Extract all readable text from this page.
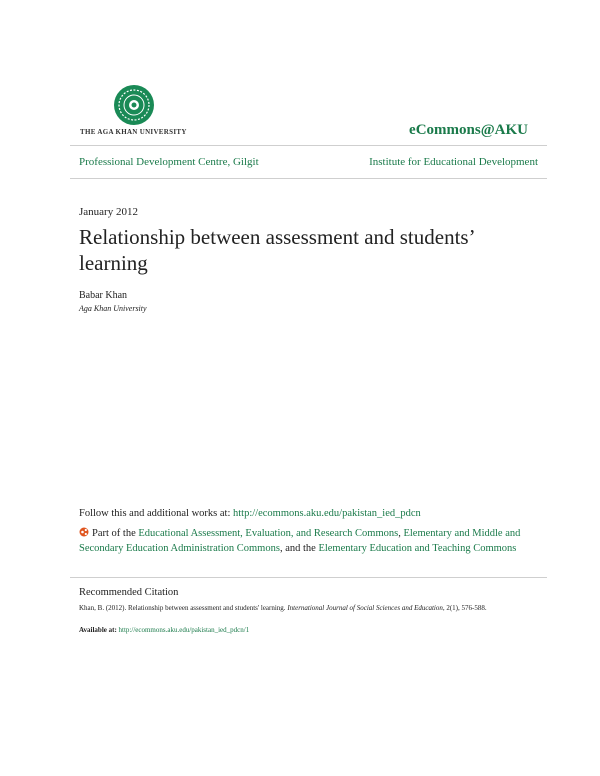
THE AGA KHAN UNIVERSITY	eCommons@AKU
Professional Development Centre, Gilgit	Institute for Educational Development
January 2012
Relationship between assessment and students’ learning
Babar Khan
Aga Khan University
Follow this and additional works at: http://ecommons.aku.edu/pakistan_ied_pdcn
Part of the Educational Assessment, Evaluation, and Research Commons, Elementary and Middle and Secondary Education Administration Commons, and the Elementary Education and Teaching Commons
Recommended Citation
Khan, B. (2012). Relationship between assessment and students' learning. International Journal of Social Sciences and Education, 2(1), 576-588.
Available at: http://ecommons.aku.edu/pakistan_ied_pdcn/1
